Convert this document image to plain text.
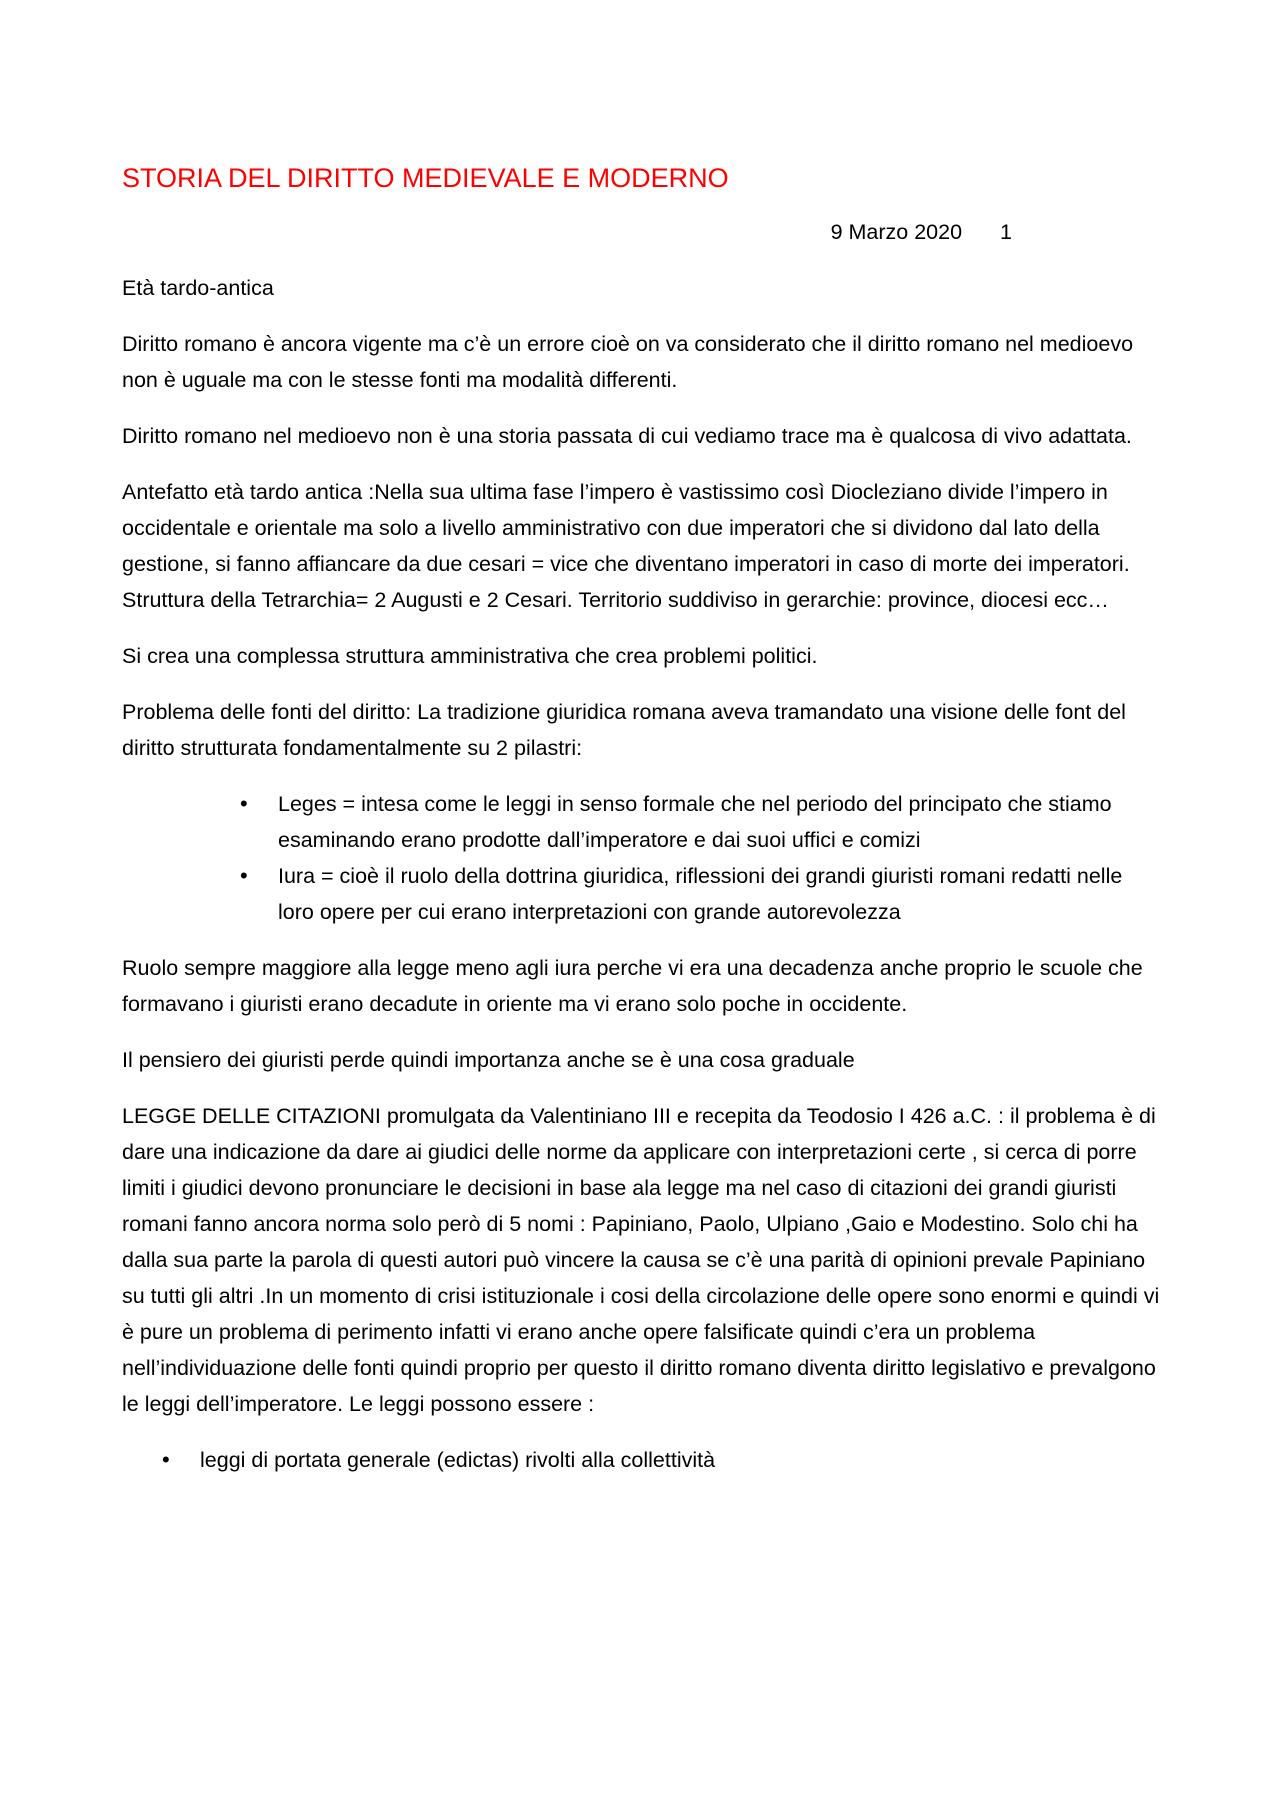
STORIA DEL DIRITTO MEDIEVALE E MODERNO
9 Marzo 2020 1

Età tardo-antica

Diritto romano è ancora vigente ma c’è un errore cioè on va considerato che il diritto romano nel medioevo non è uguale ma con le stesse fonti ma modalità differenti.

Diritto romano nel medioevo non è una storia passata di cui vediamo trace ma è qualcosa di vivo adattata.

Antefatto età tardo antica :Nella sua ultima fase l’impero è vastissimo così Diocleziano divide l’impero in occidentale e orientale ma solo a livello amministrativo con due imperatori che si dividono dal lato della gestione, si fanno affiancare da due cesari = vice che diventano imperatori in caso di morte dei imperatori. Struttura della Tetrarchia= 2 Augusti e 2 Cesari. Territorio suddiviso in gerarchie: province, diocesi ecc…

Si crea una complessa struttura amministrativa che crea problemi politici.

Problema delle fonti del diritto: La tradizione giuridica romana aveva tramandato una visione delle font del diritto strutturata fondamentalmente su 2 pilastri:

• Leges = intesa come le leggi in senso formale che nel periodo del principato che stiamo esaminando erano prodotte dall’imperatore e dai suoi uffici e comizi
• Iura = cioè il ruolo della dottrina giuridica, riflessioni dei grandi giuristi romani redatti nelle loro opere per cui erano interpretazioni con grande autorevolezza

Ruolo sempre maggiore alla legge meno agli iura perche vi era una decadenza anche proprio le scuole che formavano i giuristi erano decadute in oriente ma vi erano solo poche in occidente.

Il pensiero dei giuristi perde quindi importanza anche se è una cosa graduale

LEGGE DELLE CITAZIONI promulgata da Valentiniano III e recepita da Teodosio I 426 a.C. : il problema è di dare una indicazione da dare ai giudici delle norme da applicare con interpretazioni certe , si cerca di porre limiti i giudici devono pronunciare le decisioni in base ala legge ma nel caso di citazioni dei grandi giuristi romani fanno ancora norma solo però di 5 nomi : Papiniano, Paolo, Ulpiano ,Gaio e Modestino. Solo chi ha dalla sua parte la parola di questi autori può vincere la causa se c’è una parità di opinioni prevale Papiniano su tutti gli altri .In un momento di crisi istituzionale i cosi della circolazione delle opere sono enormi e quindi vi è pure un problema di perimento infatti vi erano anche opere falsificate quindi c’era un problema nell’individuazione delle fonti quindi proprio per questo il diritto romano diventa diritto legislativo e prevalgono le leggi dell’imperatore. Le leggi possono essere :

• leggi di portata generale (edictas) rivolti alla collettività
